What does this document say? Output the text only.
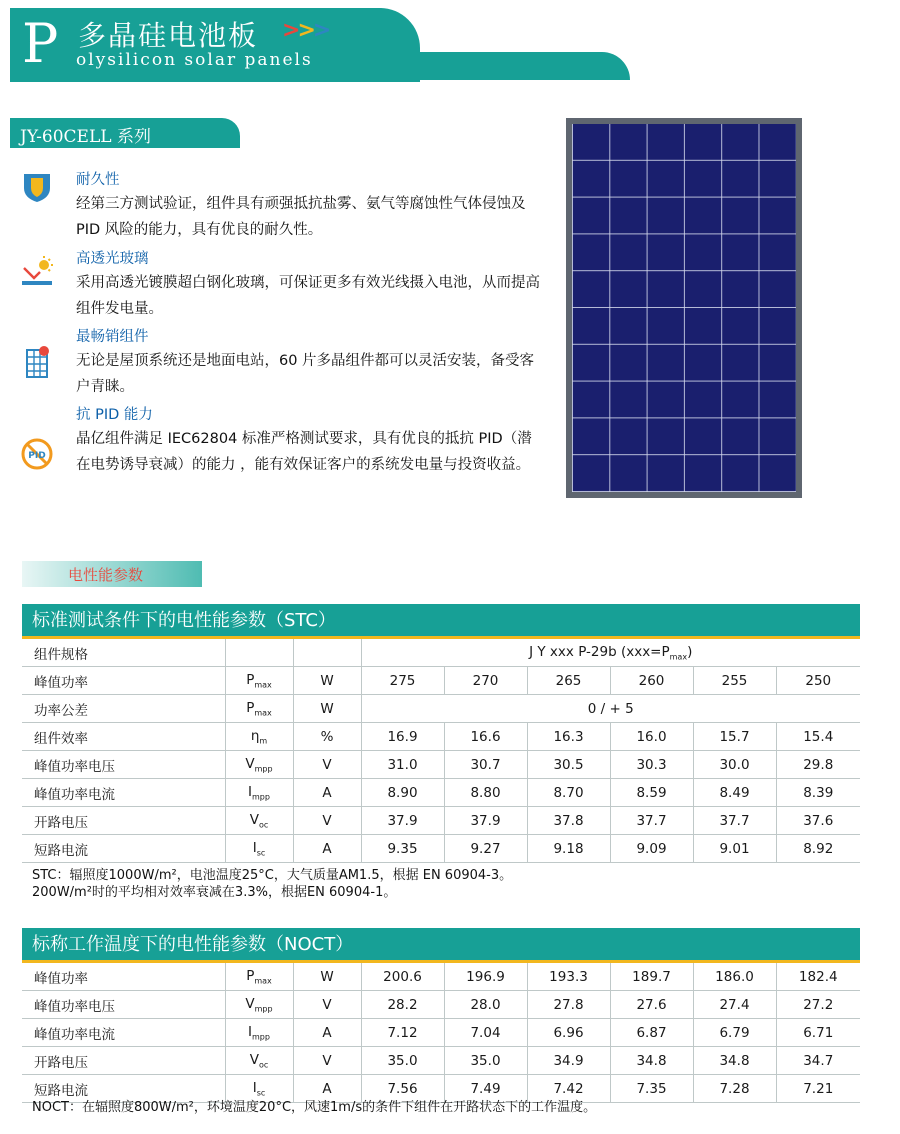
P 多晶硅电池板
olysilicon solar panels
>>>
JY-60CELL 系列
耐久性
经第三方测试验证，组件具有顽强抵抗盐雾、氨气等腐蚀性气体侵蚀及 PID 风险的能力，具有优良的耐久性。
高透光玻璃
采用高透光镀膜超白钢化玻璃，可保证更多有效光线摄入电池，从而提高组件发电量。
最畅销组件
无论是屋顶系统还是地面电站，60 片多晶组件都可以灵活安装，备受客户青睐。
PID
抗 PID 能力
晶亿组件满足 IEC62804 标准严格测试要求，具有优良的抵抗 PID（潜在电势诱导衰减）的能力 ，能有效保证客户的系统发电量与投资收益。
电性能参数
标准测试条件下的电性能参数（STC）
组件规格			J Y xxx P-29b $(xxx=P_{max})$					
峰值功率	$P_{max}$	W	275	270	265	260	255	250
功率公差	$P_{max}$	W	0 / + 5					
组件效率	$\eta_m$	%	16.9	16.6	16.3	16.0	15.7	15.4
峰值功率电压	$V_{mpp}$	V	31.0	30.7	30.5	30.3	30.0	29.8
峰值功率电流	$I_{mpp}$	A	8.90	8.80	8.70	8.59	8.49	8.39
开路电压	$V_{oc}$	V	37.9	37.9	37.8	37.7	37.7	37.6
短路电流	$I_{sc}$	A	9.35	9.27	9.18	9.09	9.01	8.92
STC：辐照度1000W/m²，电池温度25°C，大气质量AM1.5，根据 EN 60904-3。
200W/m²时的平均相对效率衰减在3.3%，根据EN 60904-1。
标称工作温度下的电性能参数（NOCT）
峰值功率	$P_{max}$	W	200.6	196.9	193.3	189.7	186.0	182.4
峰值功率电压	$V_{mpp}$	V	28.2	28.0	27.8	27.6	27.4	27.2
峰值功率电流	$I_{mpp}$	A	7.12	7.04	6.96	6.87	6.79	6.71
开路电压	$V_{oc}$	V	35.0	35.0	34.9	34.8	34.8	34.7
短路电流	$I_{sc}$	A	7.56	7.49	7.42	7.35	7.28	7.21
NOCT：在辐照度800W/m²，环境温度20°C，风速1m/s的条件下组件在开路状态下的工作温度。
